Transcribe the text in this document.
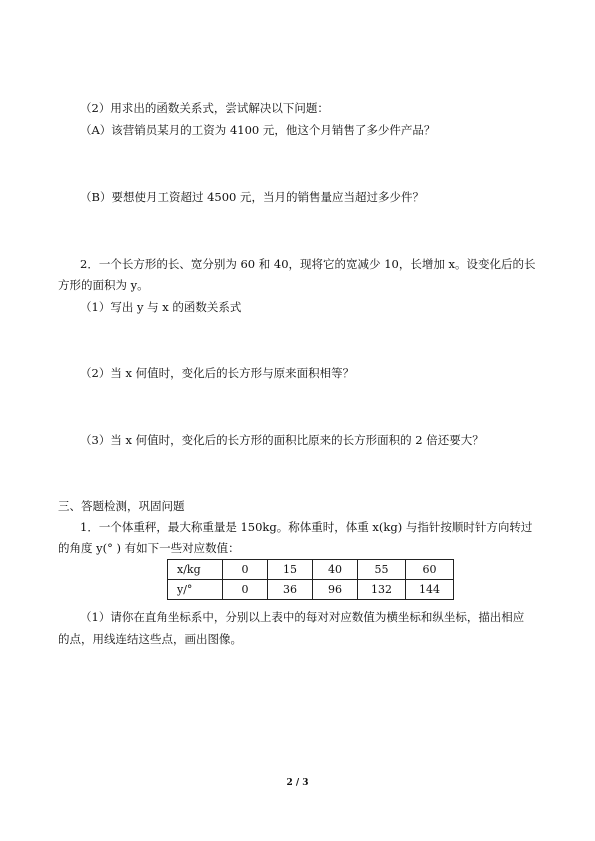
（2）用求出的函数关系式，尝试解决以下问题：
（A）该营销员某月的工资为 4100 元，他这个月销售了多少件产品？
（B）要想使月工资超过 4500 元，当月的销售量应当超过多少件？
2．一个长方形的长、宽分别为 60 和 40，现将它的宽减少 10，长增加 x。设变化后的长
方形的面积为 y。
（1）写出 y 与 x 的函数关系式
（2）当 x 何值时，变化后的长方形与原来面积相等？
（3）当 x 何值时，变化后的长方形的面积比原来的长方形面积的 2 倍还要大？
三、答题检测，巩固问题
1．一个体重秤，最大称重量是 150kg。称体重时，体重 x(kg) 与指针按顺时针方向转过
的角度 y(° ) 有如下一些对应数值：
x/kg	0	15	40	55	60
y/°	0	36	96	132	144
（1）请你在直角坐标系中，分别以上表中的每对对应数值为横坐标和纵坐标，描出相应
的点，用线连结这些点，画出图像。
2 / 3
